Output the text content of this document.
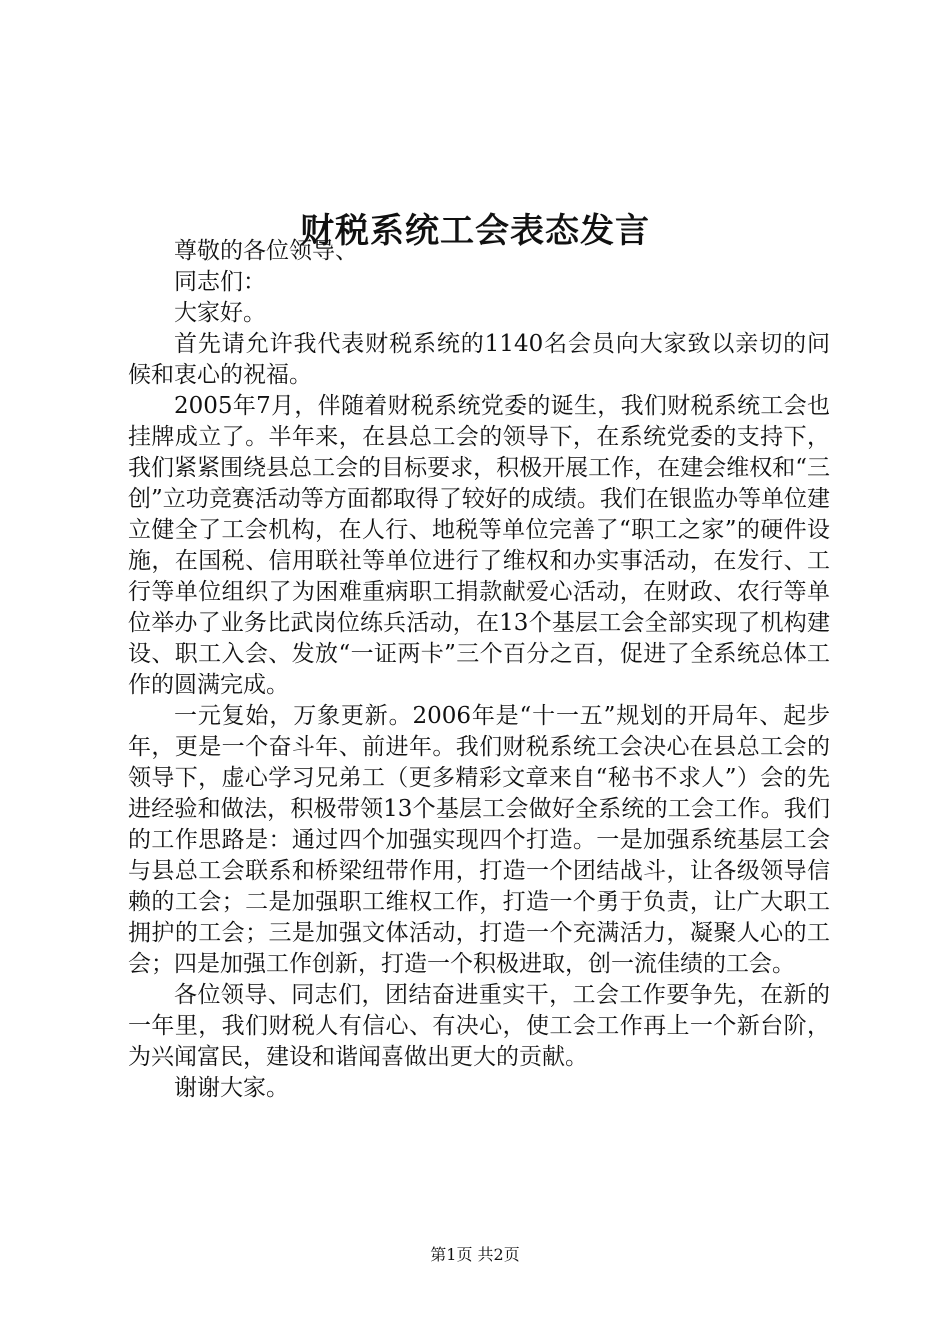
财税系统工会表态发言

尊敬的各位领导、

同志们：

大家好。

首先请允许我代表财税系统的1140名会员向大家致以亲切的问候和衷心的祝福。

2005年7月，伴随着财税系统党委的诞生，我们财税系统工会也挂牌成立了。半年来，在县总工会的领导下，在系统党委的支持下，我们紧紧围绕县总工会的目标要求，积极开展工作，在建会维权和“三创”立功竞赛活动等方面都取得了较好的成绩。我们在银监办等单位建立健全了工会机构，在人行、地税等单位完善了“职工之家”的硬件设施，在国税、信用联社等单位进行了维权和办实事活动，在发行、工行等单位组织了为困难重病职工捐款献爱心活动，在财政、农行等单位举办了业务比武岗位练兵活动，在13个基层工会全部实现了机构建设、职工入会、发放“一证两卡”三个百分之百，促进了全系统总体工作的圆满完成。

一元复始，万象更新。2006年是“十一五”规划的开局年、起步年，更是一个奋斗年、前进年。我们财税系统工会决心在县总工会的领导下，虚心学习兄弟工（更多精彩文章来自“秘书不求人”）会的先进经验和做法，积极带领13个基层工会做好全系统的工会工作。我们的工作思路是：通过四个加强实现四个打造。一是加强系统基层工会与县总工会联系和桥梁纽带作用，打造一个团结战斗，让各级领导信赖的工会；二是加强职工维权工作，打造一个勇于负责，让广大职工拥护的工会；三是加强文体活动，打造一个充满活力，凝聚人心的工会；四是加强工作创新，打造一个积极进取，创一流佳绩的工会。

各位领导、同志们，团结奋进重实干，工会工作要争先，在新的一年里，我们财税人有信心、有决心，使工会工作再上一个新台阶，为兴闻富民，建设和谐闻喜做出更大的贡献。

谢谢大家。

第1页 共2页
